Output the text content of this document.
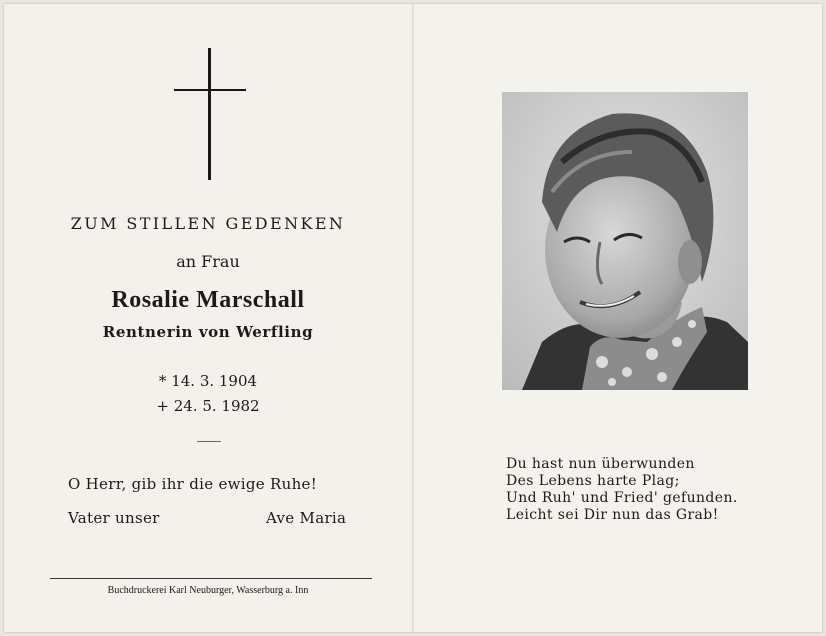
ZUM STILLEN GEDENKEN
an Frau
Rosalie Marschall
Rentnerin von Werfling
* 14. 3. 1904
+ 24. 5. 1982
O Herr, gib ihr die ewige Ruhe!
Vater unser	Ave Maria
Buchdruckerei Karl Neuburger, Wasserburg a. Inn
Du hast nun überwunden
Des Lebens harte Plag;
Und Ruh' und Fried' gefunden.
Leicht sei Dir nun das Grab!
